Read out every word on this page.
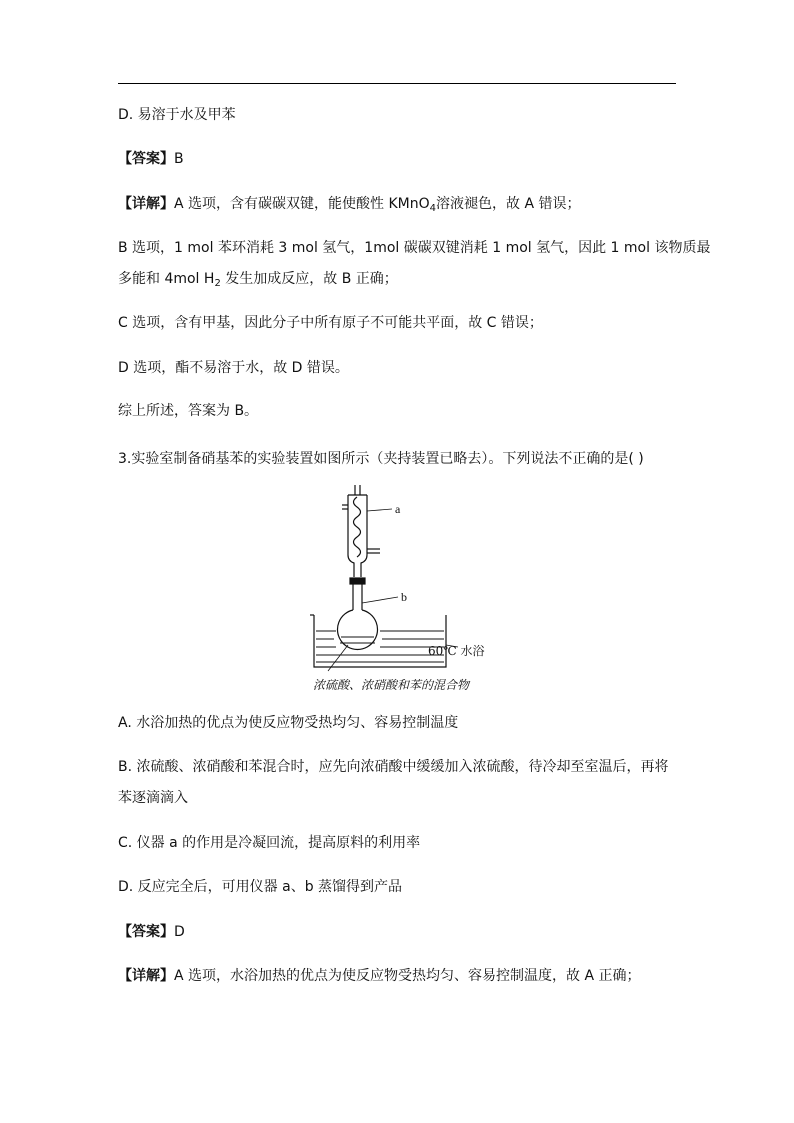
D. 易溶于水及甲苯
【答案】B
【详解】A 选项，含有碳碳双键，能使酸性 KMnO$_4$溶液褪色，故 A 错误；
B 选项，1 mol 苯环消耗 3 mol 氢气，1mol 碳碳双键消耗 1 mol 氢气，因此 1 mol 该物质最
多能和 4mol $H_2$ 发生加成反应，故 B 正确；
C 选项，含有甲基，因此分子中所有原子不可能共平面，故 C 错误；
D 选项，酯不易溶于水，故 D 错误。
综上所述，答案为 B。
3.实验室制备硝基苯的实验装置如图所示（夹持装置已略去）。下列说法不正确的是( )
a
b
60℃ 水浴
浓硫酸、浓硝酸和苯的混合物
A. 水浴加热的优点为使反应物受热均匀、容易控制温度
B. 浓硫酸、浓硝酸和苯混合时，应先向浓硝酸中缓缓加入浓硫酸，待冷却至室温后，再将
苯逐滴滴入
C. 仪器 a 的作用是冷凝回流，提高原料的利用率
D. 反应完全后，可用仪器 a、b 蒸馏得到产品
【答案】D
【详解】A 选项，水浴加热的优点为使反应物受热均匀、容易控制温度，故 A 正确；
